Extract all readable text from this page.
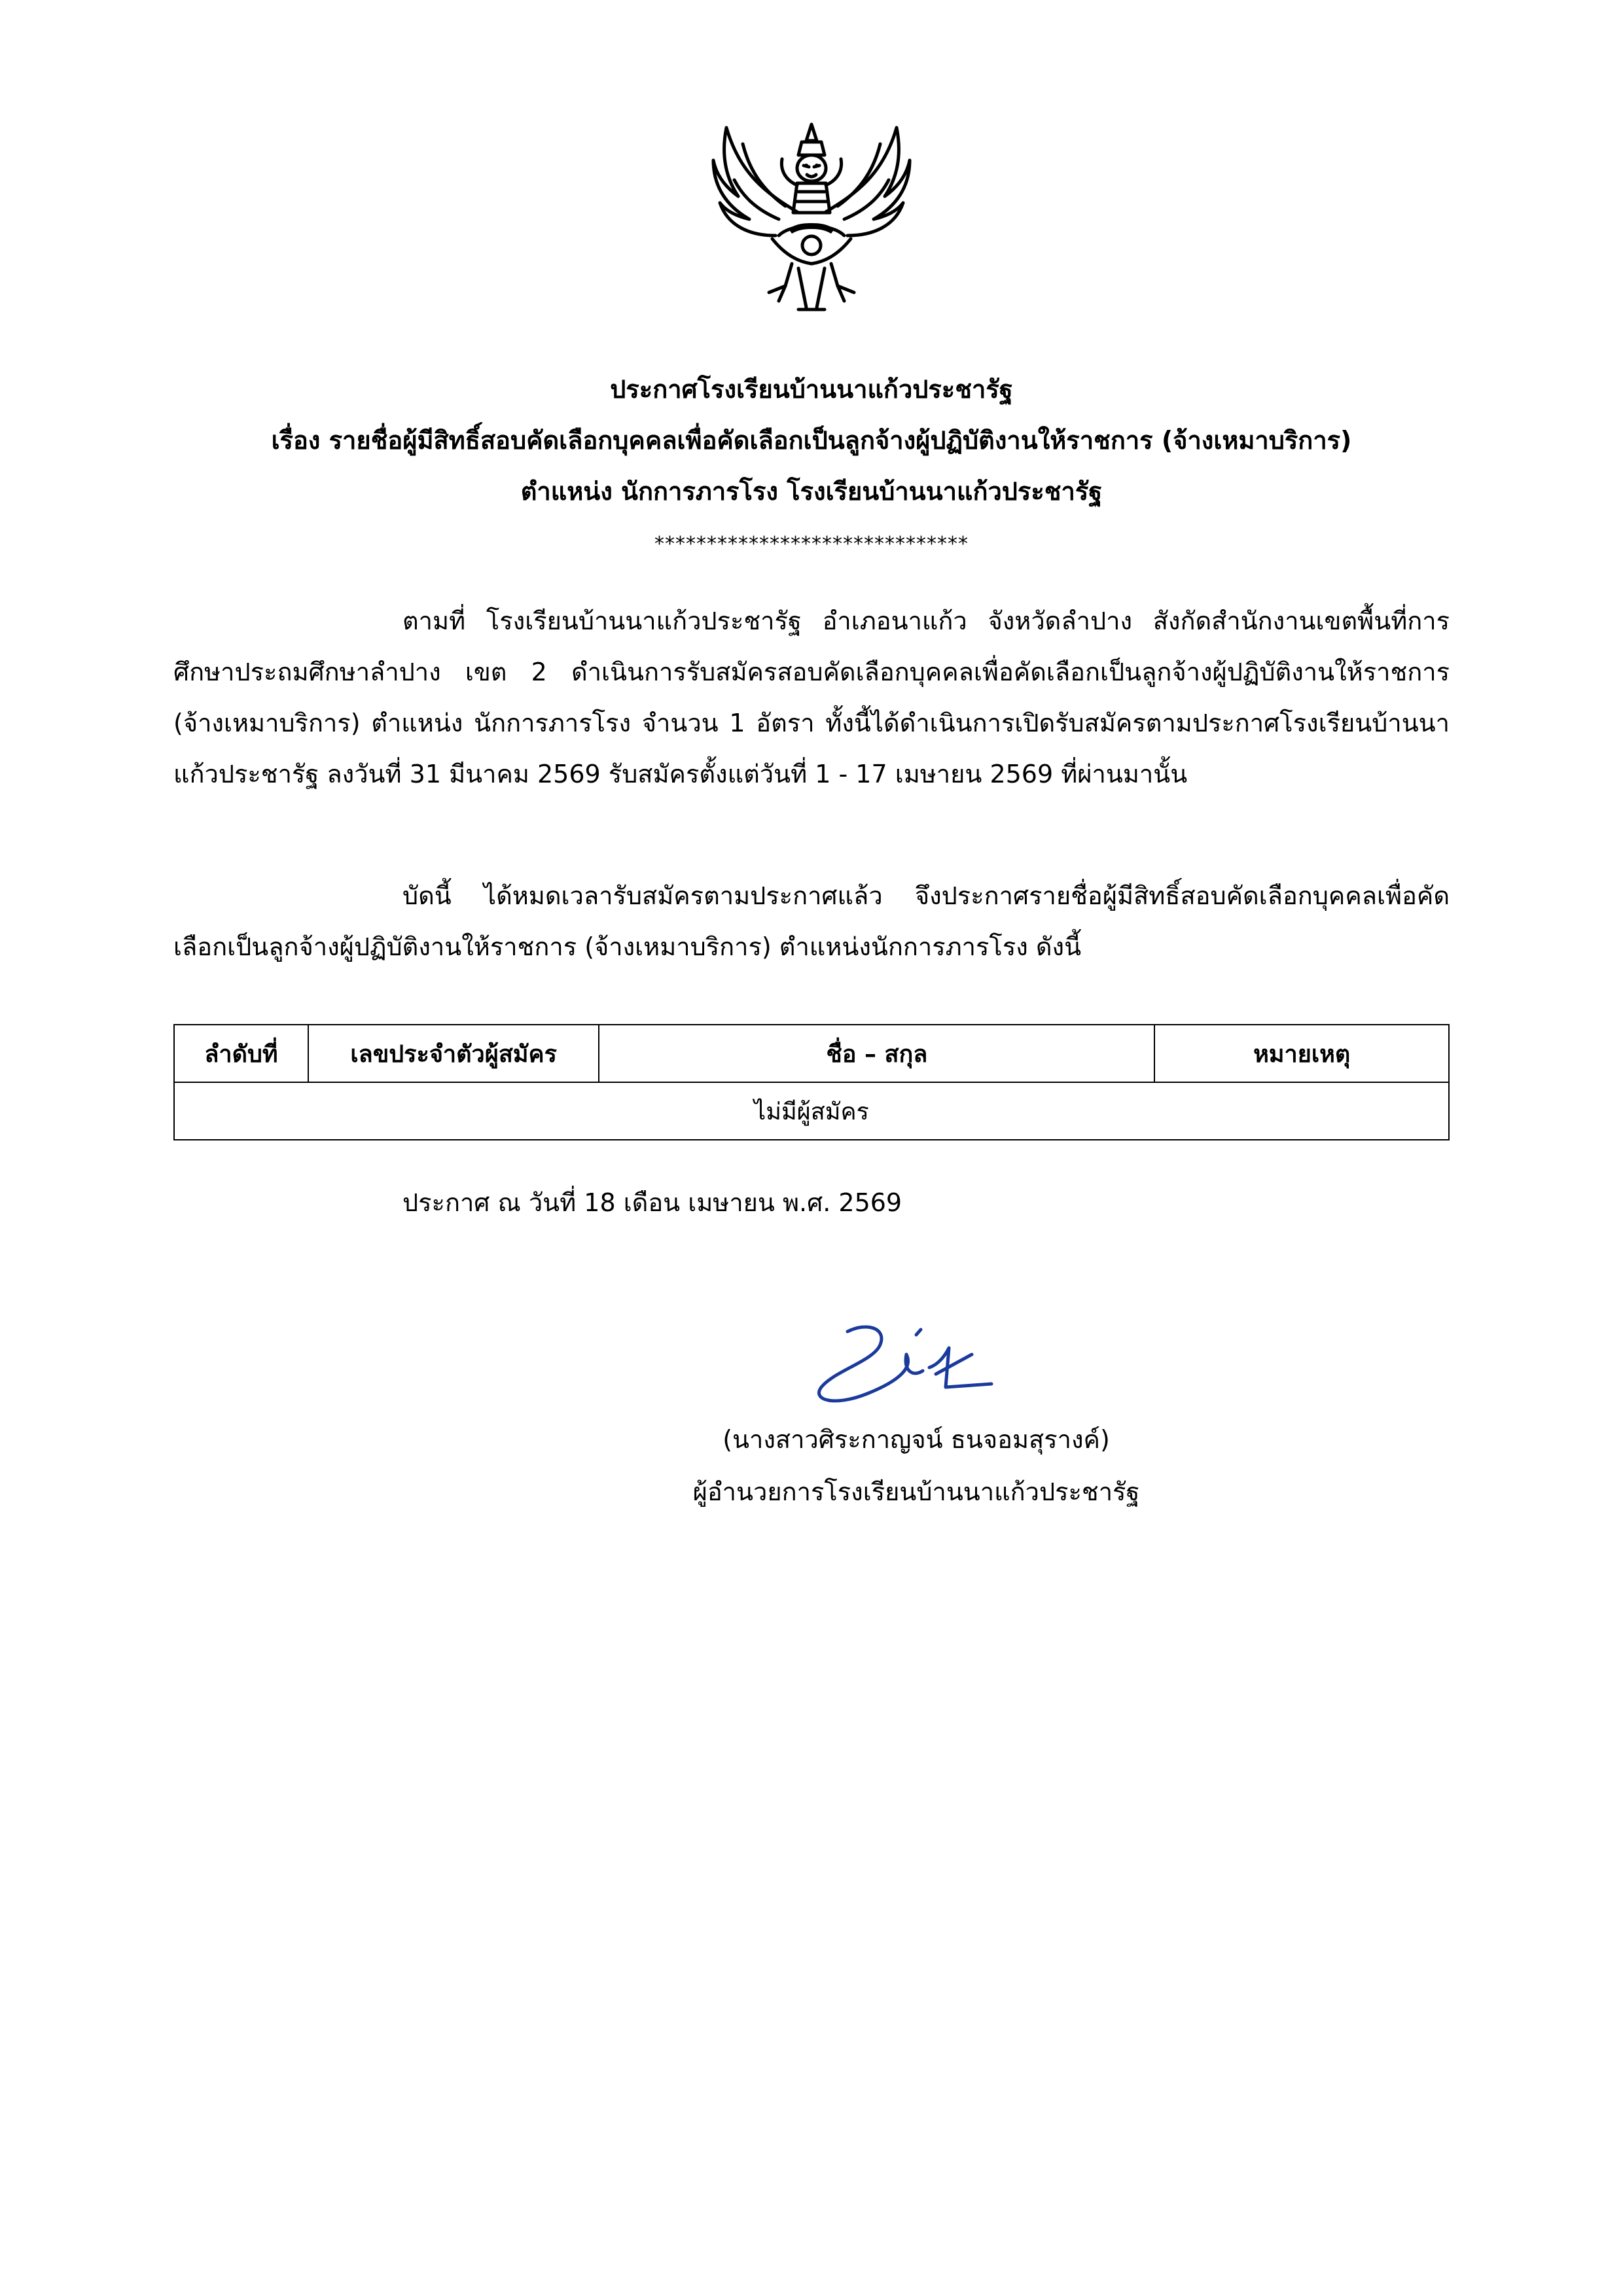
ประกาศโรงเรียนบ้านนาแก้วประชารัฐ
เรื่อง รายชื่อผู้มีสิทธิ์สอบคัดเลือกบุคคลเพื่อคัดเลือกเป็นลูกจ้างผู้ปฏิบัติงานให้ราชการ (จ้างเหมาบริการ)
ตำแหน่ง นักการภารโรง โรงเรียนบ้านนาแก้วประชารัฐ
******************************

ตามที่ โรงเรียนบ้านนาแก้วประชารัฐ อำเภอนาแก้ว จังหวัดลำปาง สังกัดสำนักงานเขตพื้นที่การศึกษาประถมศึกษาลำปาง เขต 2 ดำเนินการรับสมัครสอบคัดเลือกบุคคลเพื่อคัดเลือกเป็นลูกจ้างผู้ปฏิบัติงานให้ราชการ (จ้างเหมาบริการ) ตำแหน่ง นักการภารโรง จำนวน 1 อัตรา ทั้งนี้ได้ดำเนินการเปิดรับสมัครตามประกาศโรงเรียนบ้านนาแก้วประชารัฐ ลงวันที่ 31 มีนาคม 2569 รับสมัครตั้งแต่วันที่ 1 - 17 เมษายน 2569 ที่ผ่านมานั้น

บัดนี้ ได้หมดเวลารับสมัครตามประกาศแล้ว จึงประกาศรายชื่อผู้มีสิทธิ์สอบคัดเลือกบุคคลเพื่อคัดเลือกเป็นลูกจ้างผู้ปฏิบัติงานให้ราชการ (จ้างเหมาบริการ) ตำแหน่งนักการภารโรง ดังนี้

ลำดับที่	เลขประจำตัวผู้สมัคร	ชื่อ – สกุล	หมายเหตุ
ไม่มีผู้สมัคร
ประกาศ ณ วันที่ 18 เดือน เมษายน พ.ศ. 2569
(นางสาวศิระกาญจน์ ธนจอมสุรางค์)
ผู้อำนวยการโรงเรียนบ้านนาแก้วประชารัฐ
